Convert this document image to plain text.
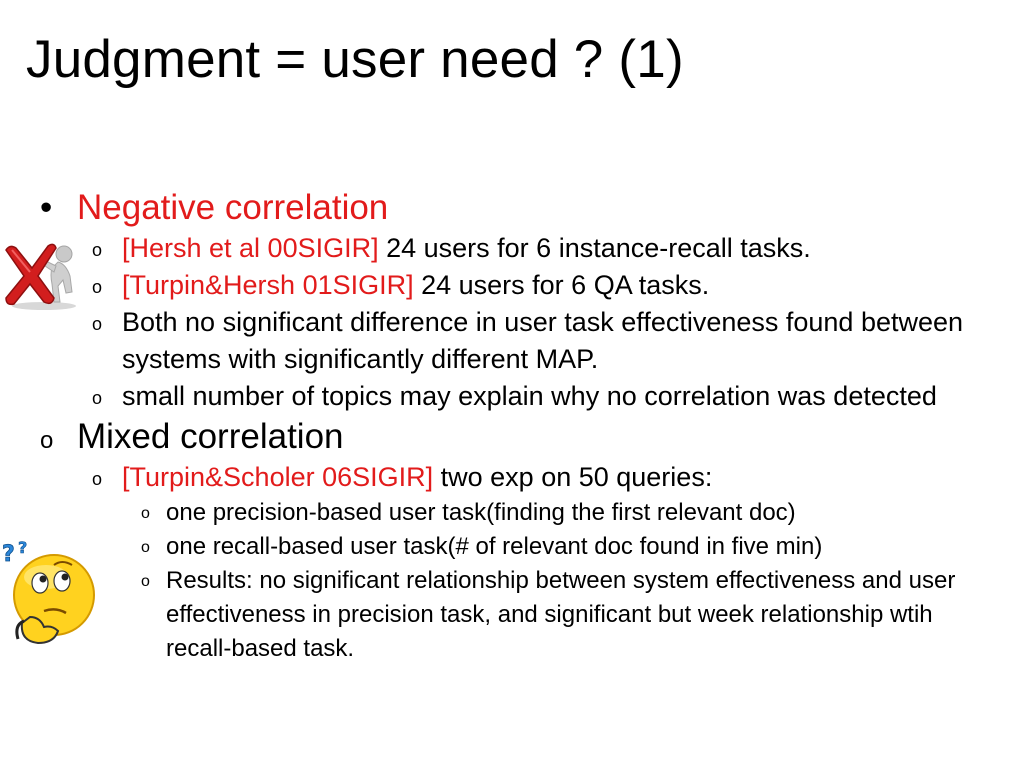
Judgment = user need ? (1)
? ?
• Negative correlation
o [Hersh et al 00SIGIR] 24 users for 6 instance-recall tasks.
o [Turpin&Hersh 01SIGIR] 24 users for 6 QA tasks.
o Both no significant difference in user task effectiveness found between systems with significantly different MAP.
o small number of topics may explain why no correlation was detected
o Mixed correlation
o [Turpin&Scholer 06SIGIR] two exp on 50 queries:
o one precision-based user task(finding the first relevant doc)
o one recall-based user task(# of relevant doc found in five min)
o Results: no significant relationship between system effectiveness and user effectiveness in precision task, and significant but week relationship wtih recall-based task.
